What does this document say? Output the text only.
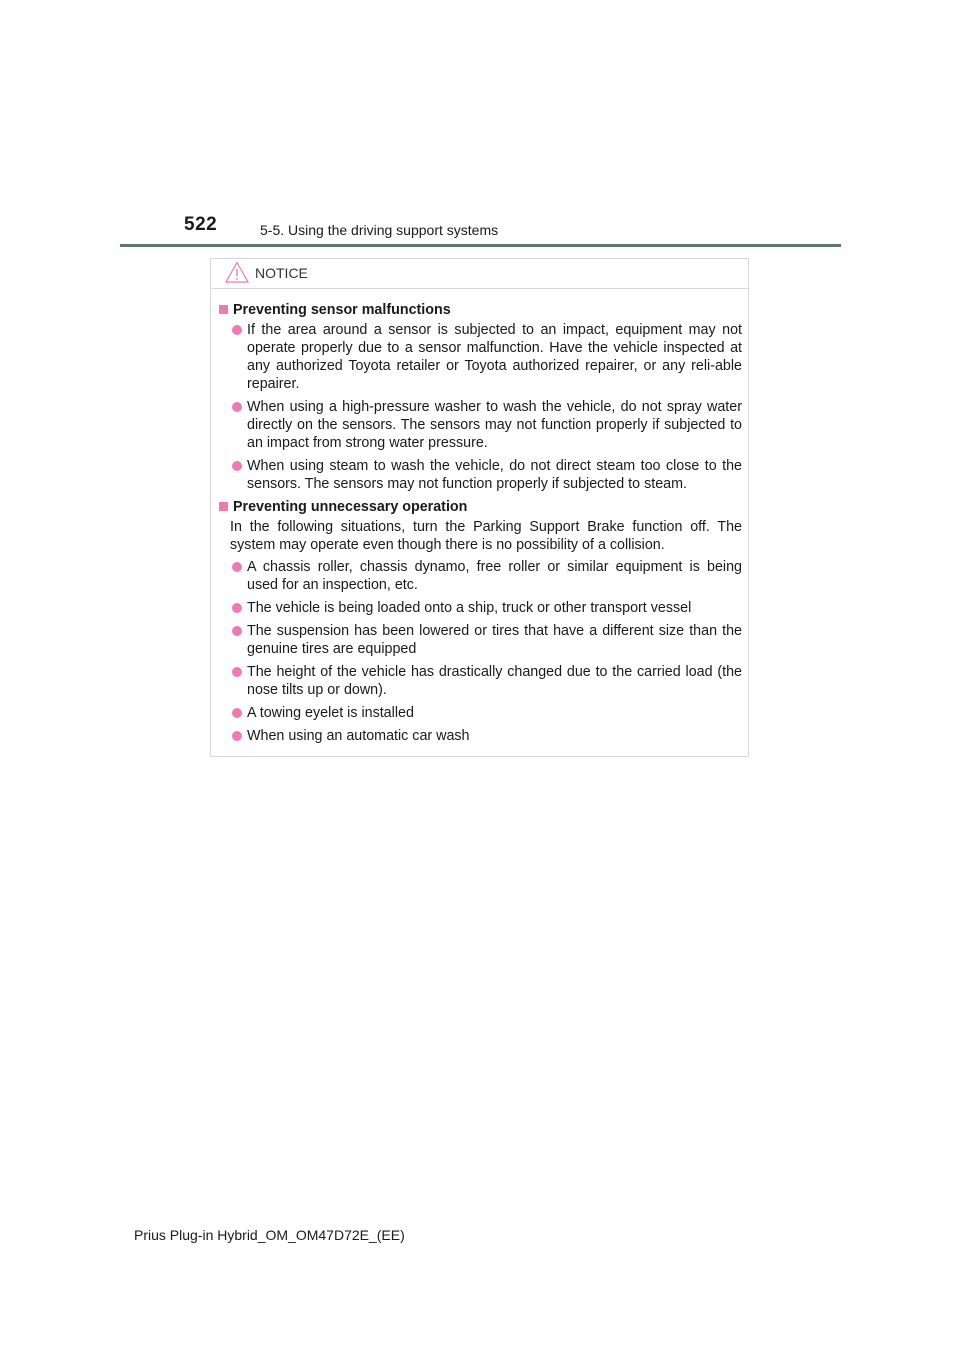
522	5-5. Using the driving support systems
NOTICE
Preventing sensor malfunctions
If the area around a sensor is subjected to an impact, equipment may not operate properly due to a sensor malfunction. Have the vehicle inspected at any authorized Toyota retailer or Toyota authorized repairer, or any reli-able repairer.
When using a high-pressure washer to wash the vehicle, do not spray water directly on the sensors. The sensors may not function properly if subjected to an impact from strong water pressure.
When using steam to wash the vehicle, do not direct steam too close to the sensors. The sensors may not function properly if subjected to steam.
Preventing unnecessary operation
In the following situations, turn the Parking Support Brake function off. The system may operate even though there is no possibility of a collision.
A chassis roller, chassis dynamo, free roller or similar equipment is being used for an inspection, etc.
The vehicle is being loaded onto a ship, truck or other transport vessel
The suspension has been lowered or tires that have a different size than the genuine tires are equipped
The height of the vehicle has drastically changed due to the carried load (the nose tilts up or down).
A towing eyelet is installed
When using an automatic car wash
Prius Plug-in Hybrid_OM_OM47D72E_(EE)
